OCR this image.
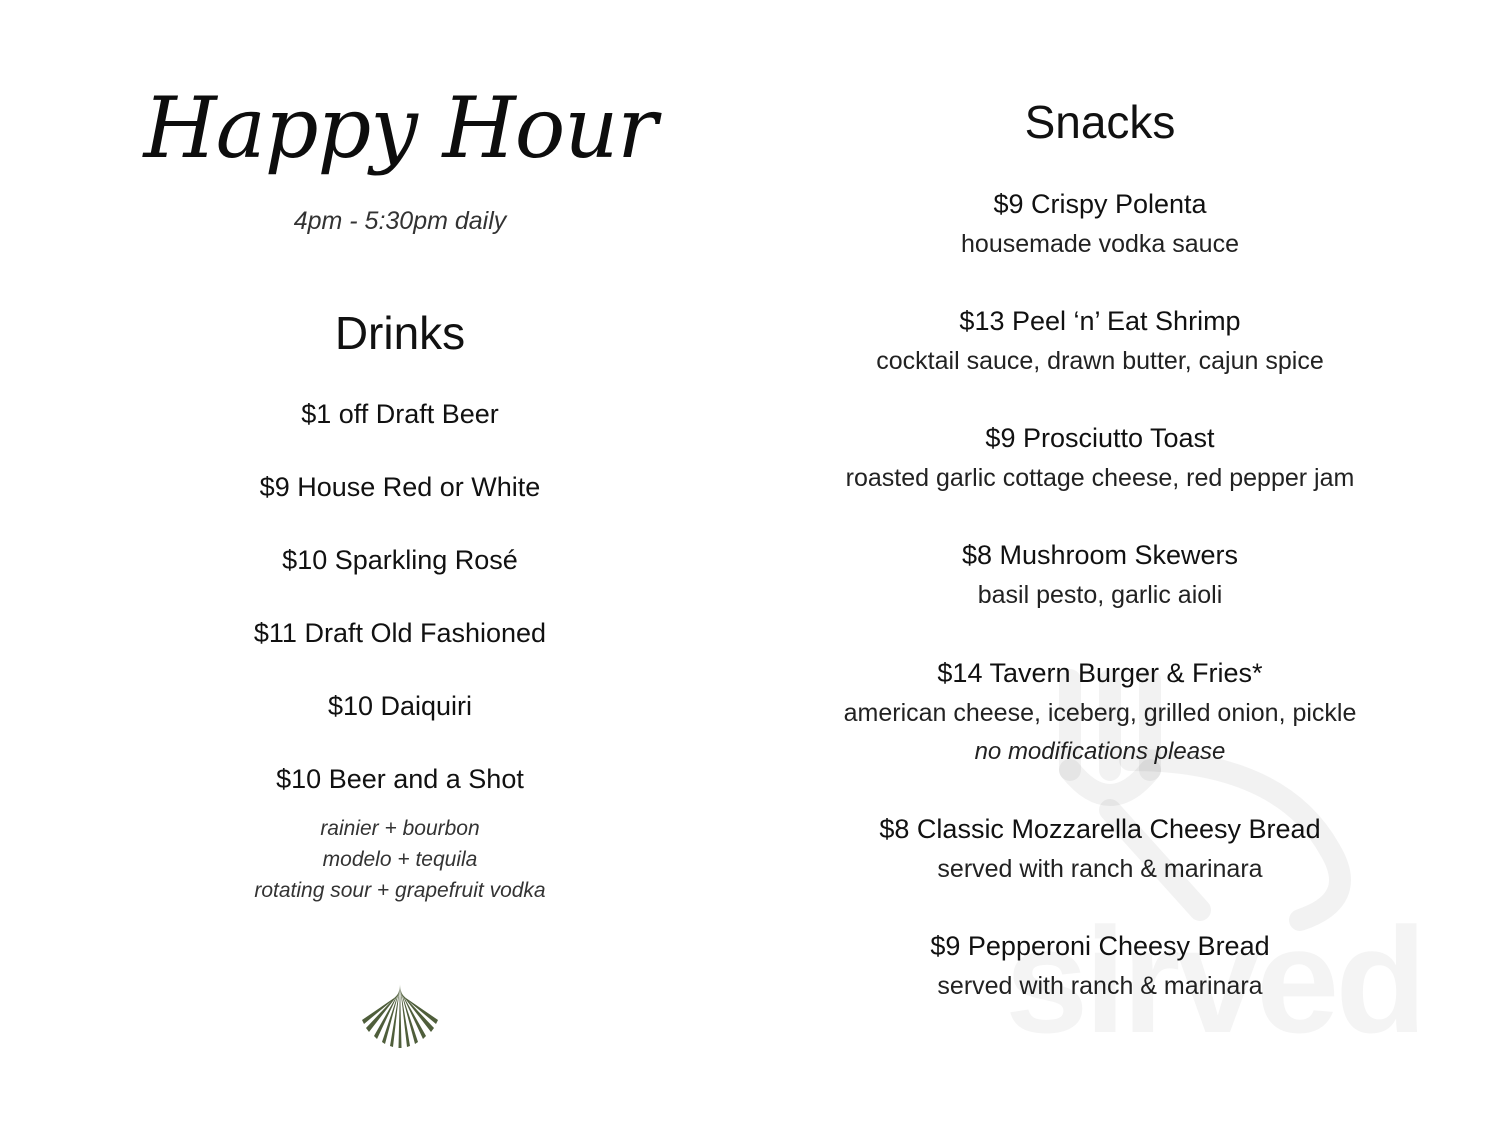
Happy Hour
4pm - 5:30pm daily
Drinks
$1 off Draft Beer
$9 House Red or White
$10 Sparkling Rosé
$11 Draft Old Fashioned
$10 Daiquiri
$10 Beer and a Shot
rainier + bourbon
modelo + tequila
rotating sour + grapefruit vodka
Snacks
$9 Crispy Polenta
housemade vodka sauce
$13 Peel ‘n’ Eat Shrimp
cocktail sauce, drawn butter, cajun spice
$9 Prosciutto Toast
roasted garlic cottage cheese, red pepper jam
$8 Mushroom Skewers
basil pesto, garlic aioli
$14 Tavern Burger & Fries*
american cheese, iceberg, grilled onion, pickle
no modifications please
$8 Classic Mozzarella Cheesy Bread
served with ranch & marinara
$9 Pepperoni Cheesy Bread
served with ranch & marinara
